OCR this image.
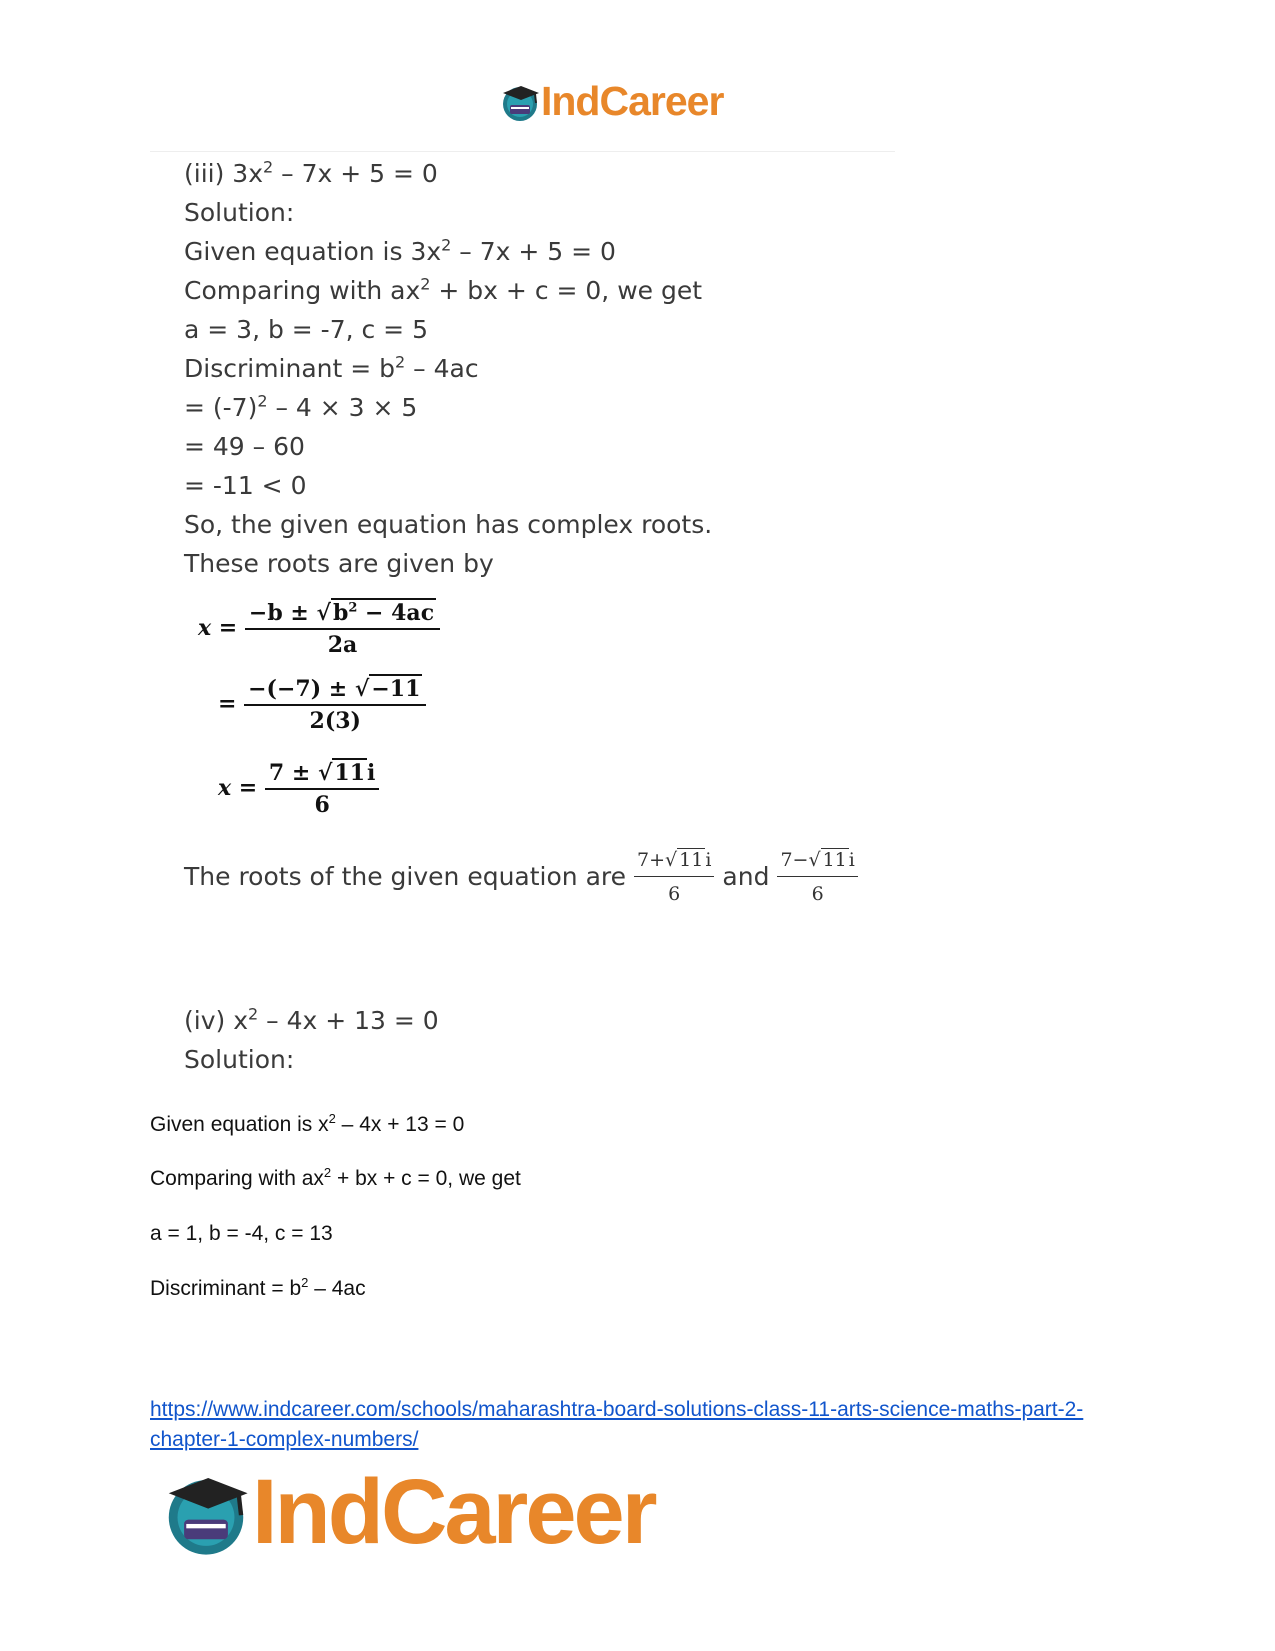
IndCareer
(iii) $3x^2 - 7x + 5 = 0$
Solution:
Given equation is $3x^2 - 7x + 5 = 0$
Comparing with $ax^2$ + bx + c = 0, we get
a = 3, b = -7, c = 5
Discriminant = $b^2 - 4ac$
= $(-7)^2 - 4 \times 3 \times 5$
= 49 – 60
= -11 < 0
So, the given equation has complex roots.
These roots are given by
$x = \frac{-b \pm √b^2 - 4ac}{2a}$
= $\frac{-(-7) \pm √-11}{2(3)}$
$x = \frac{7 \pm √11i}{6}$
The roots of the given equation are $\frac{7+√ 11 i}{6}$ and $\frac{7-√ 11 i}{6}$
(iv) $x^2 - 4x + 13 = 0$
Solution:
Given equation is $x^2 - 4x + 13 = 0$
Comparing with $ax^2$ + bx + c = 0, we get
a = 1, b = -4, c = 13
Discriminant = $b^2 - 4ac$
https://www.indcareer.com/schools/maharashtra-board-solutions-class-11-arts-science-maths-part-2-chapter-1-complex-numbers/
IndCareer
